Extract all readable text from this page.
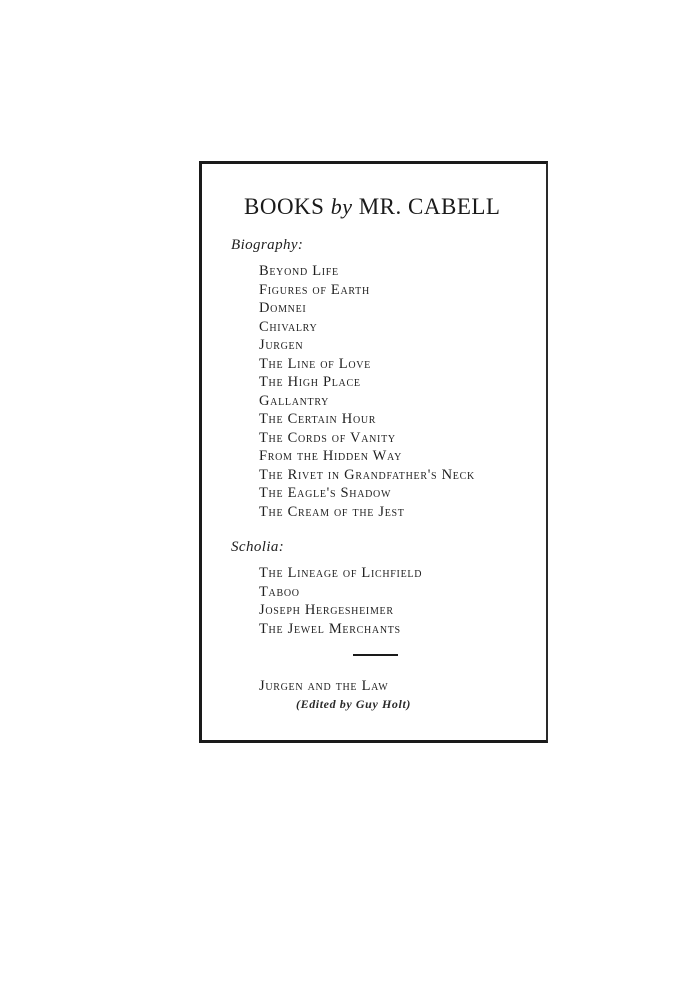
BOOKS by MR. CABELL
Biography:
Beyond Life
Figures of Earth
Domnei
Chivalry
Jurgen
The Line of Love
The High Place
Gallantry
The Certain Hour
The Cords of Vanity
From the Hidden Way
The Rivet in Grandfather's Neck
The Eagle's Shadow
The Cream of the Jest
Scholia:
The Lineage of Lichfield
Taboo
Joseph Hergesheimer
The Jewel Merchants
Jurgen and the Law
(Edited by Guy Holt)
